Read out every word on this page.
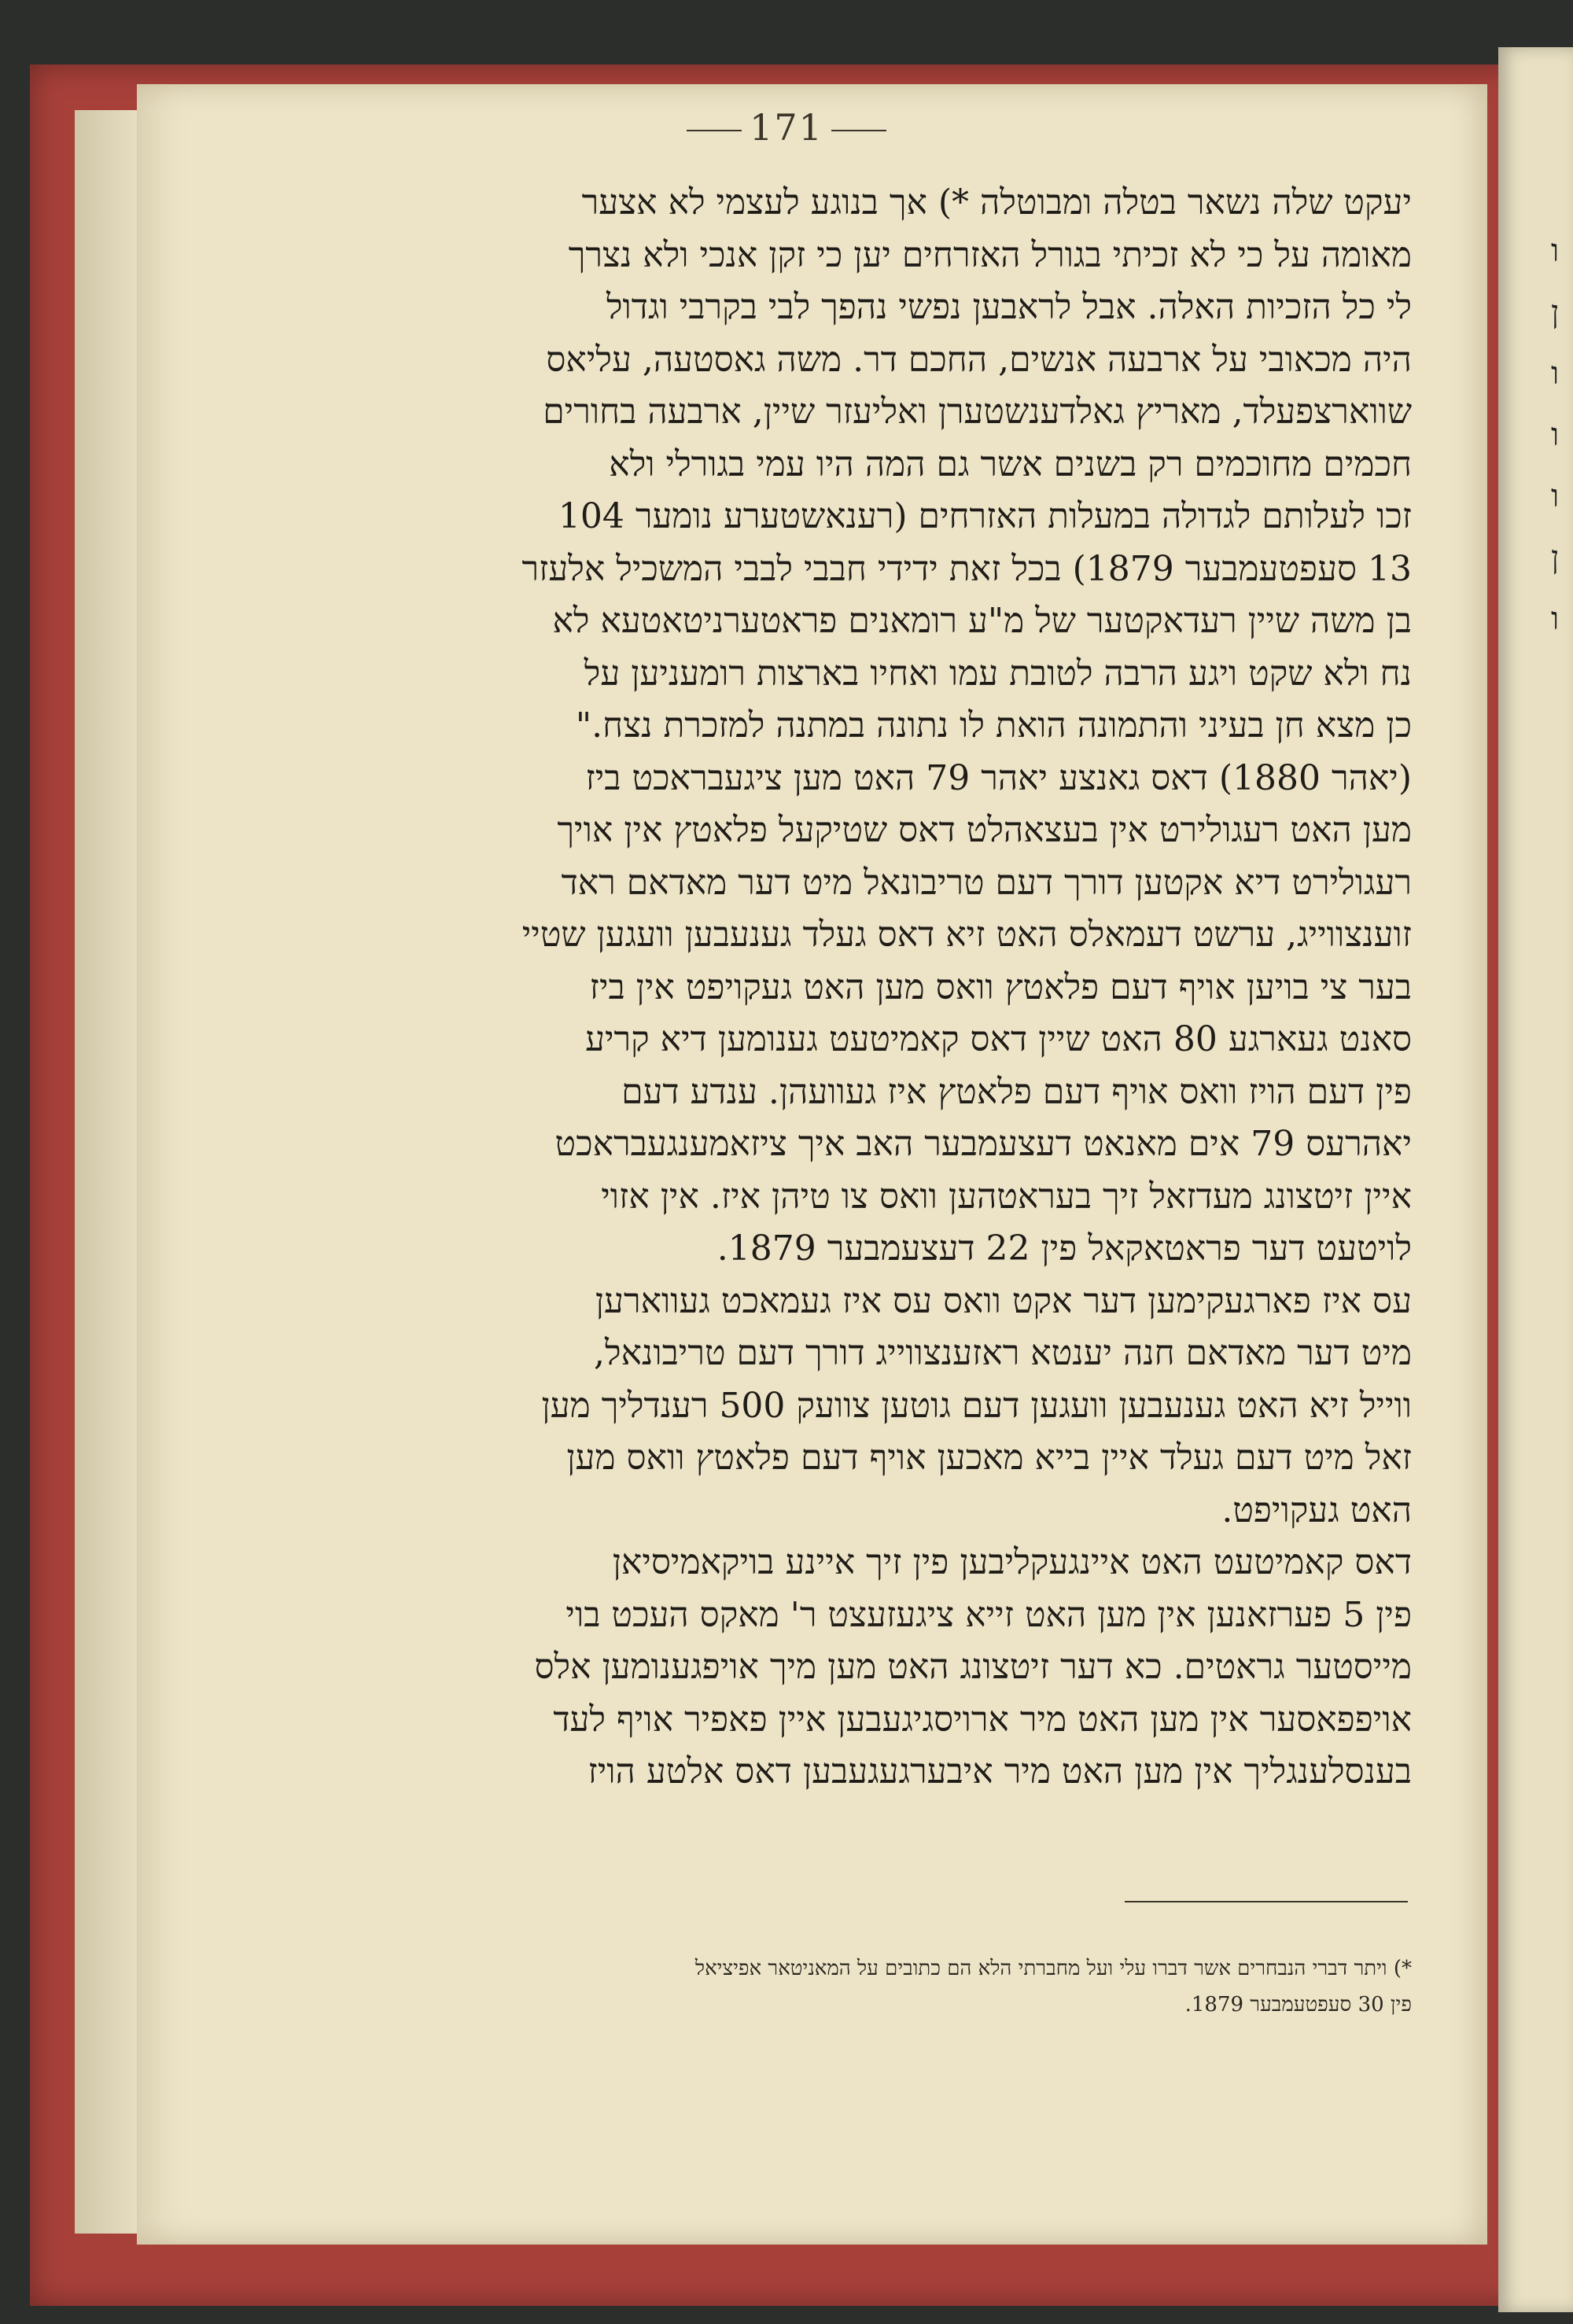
ו
ן
ו
ו
ו
ן
ו
171
יעקט שלה נשאר בטלה ומבוטלה *) אך בנוגע לעצמי לא אצער
מאומה על כי לא זכיתי בגורל האזרחים יען כי זקן אנכי ולא נצרך
לי כל הזכיות האלה. אבל לראבען נפשי נהפך לבי בקרבי וגדול
היה מכאובי על ארבעה אנשים, החכם דר. משה גאסטעה, עליאס
שווארצפעלד, מאריץ גאלדענשטערן ואליעזר שיין, ארבעה בחורים
חכמים מחוכמים רק בשנים אשר גם המה היו עמי בגורלי ולא
זכו לעלותם לגדולה במעלות האזרחים (רענאשטערע נומער 104
13 סעפטעמבער 1879) בכל זאת ידידי חבבי לבבי המשכיל אלעזר
בן משה שיין רעדאקטער של מ"ע רומאנים פראטערניטאטעא לא
נח ולא שקט ויגע הרבה לטובת עמו ואחיו בארצות רומעניען על
כן מצא חן בעיני והתמונה הואת לו נתונה במתנה למזכרת נצח."
(יאהר 1880) דאס גאנצע יאהר 79 האט מען ציגעבראכט ביז
מען האט רעגולירט אין בעצאהלט דאס שטיקעל פלאטץ אין אויך
רעגולירט דיא אקטען דורך דעם טריבונאל מיט דער מאדאם ראד
זוענצווייג, ערשט דעמאלס האט זיא דאס געלד גענעבען וועגען שטיי
בער צי בויען אויף דעם פלאטץ וואס מען האט געקויפט אין ביז
סאנט געארגע 80 האט שיין דאס קאמיטעט גענומען דיא קריע
פין דעם הויז וואס אויף דעם פלאטץ איז געוועהן. ענדע דעם
יאהרעס 79 אים מאנאט דעצעמבער האב איך ציזאמענגעבראכט
איין זיטצונג מעדזאל זיך בעראטהען וואס צו טיהן איז. אין אזוי
לויטעט דער פראטאקאל פין 22 דעצעמבער 1879.
עס איז פארגעקימען דער אקט וואס עס איז געמאכט געווארען
מיט דער מאדאם חנה יענטא ראזענצווייג דורך דעם טריבונאל,
ווייל זיא האט גענעבען וועגען דעם גוטען צוועק 500 רענדליך מען
זאל מיט דעם געלד איין בייא מאכען אויף דעם פלאטץ וואס מען
האט געקויפט.
דאס קאמיטעט האט איינגעקליבען פין זיך איינע בויקאמיסיאן
פין 5 פערזאנען אין מען האט זייא ציגעזעצט ר' מאקס העכט בוי
מייסטער גראטים. כא דער זיטצונג האט מען מיך אויפגענומען אלס
אויפפאסער אין מען האט מיר ארויסגיגעבען איין פאפיר אויף לעד
בענסלענגליך אין מען האט מיר איבערגעגעבען דאס אלטע הויז
*) ויתר דברי הנבחרים אשר דברו עלי ועל מחברתי הלא הם כתובים על המאניטאר אפיציאל
פין 30 סעפטעמבער 1879.
